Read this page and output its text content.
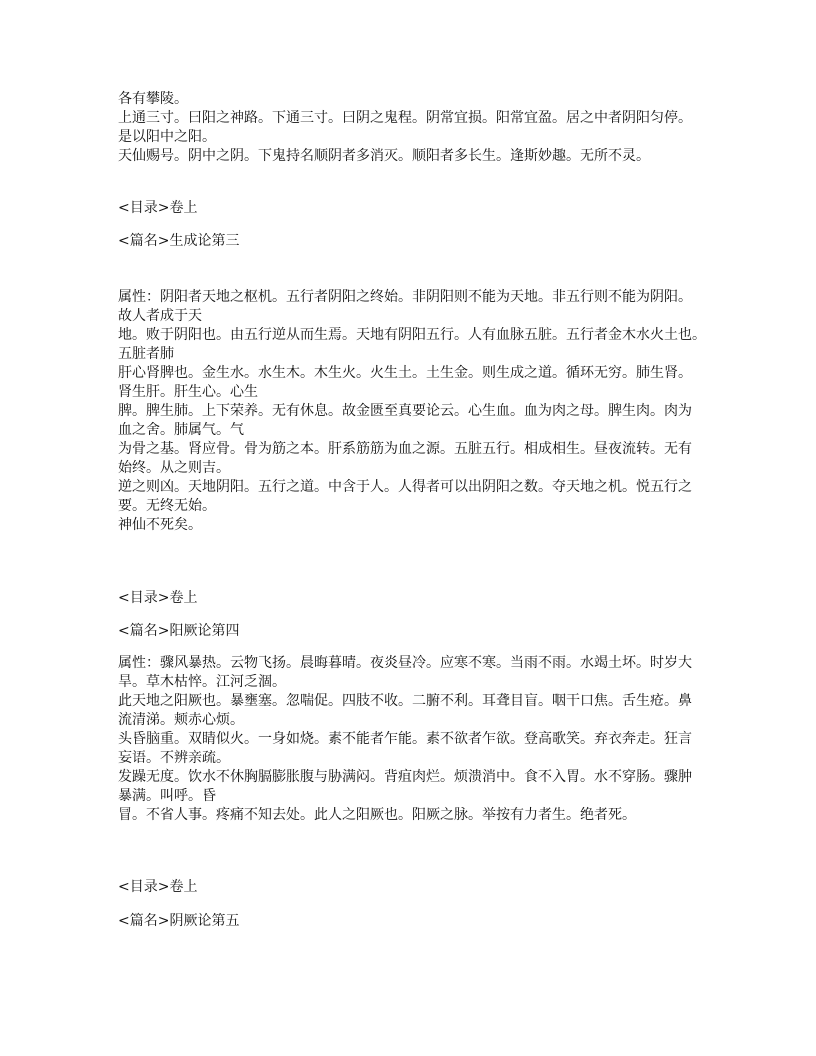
各有攀陵。
上通三寸。曰阳之神路。下通三寸。曰阴之鬼程。阴常宜损。阳常宜盈。居之中者阴阳匀停。
是以阳中之阳。
天仙赐号。阴中之阴。下鬼持名顺阴者多消灭。顺阳者多长生。逢斯妙趣。无所不灵。
<目录>卷上
<篇名>生成论第三
属性：阴阳者天地之枢机。五行者阴阳之终始。非阴阳则不能为天地。非五行则不能为阴阳。
故人者成于天
地。败于阴阳也。由五行逆从而生焉。天地有阴阳五行。人有血脉五脏。五行者金木水火土也。
五脏者肺
肝心肾脾也。金生水。水生木。木生火。火生土。土生金。则生成之道。循环无穷。肺生肾。
肾生肝。肝生心。心生
脾。脾生肺。上下荣养。无有休息。故金匮至真要论云。心生血。血为肉之母。脾生肉。肉为
血之舍。肺属气。气
为骨之基。肾应骨。骨为筋之本。肝系筋筋为血之源。五脏五行。相成相生。昼夜流转。无有
始终。从之则吉。
逆之则凶。天地阴阳。五行之道。中含于人。人得者可以出阴阳之数。夺天地之机。悦五行之
要。无终无始。
神仙不死矣。
<目录>卷上
<篇名>阳厥论第四
属性：骤风暴热。云物飞扬。晨晦暮晴。夜炎昼冷。应寒不寒。当雨不雨。水竭土坏。时岁大
旱。草木枯悴。江河乏涸。
此天地之阳厥也。暴壅塞。忽喘促。四肢不收。二腑不利。耳聋目盲。咽干口焦。舌生疮。鼻
流清涕。颊赤心烦。
头昏脑重。双睛似火。一身如烧。素不能者乍能。素不欲者乍欲。登高歌笑。弃衣奔走。狂言
妄语。不辨亲疏。
发躁无度。饮水不休胸膈膨胀腹与胁满闷。背疽肉烂。烦溃消中。食不入胃。水不穿肠。骤肿
暴满。叫呼。昏
冒。不省人事。疼痛不知去处。此人之阳厥也。阳厥之脉。举按有力者生。绝者死。
<目录>卷上
<篇名>阴厥论第五
